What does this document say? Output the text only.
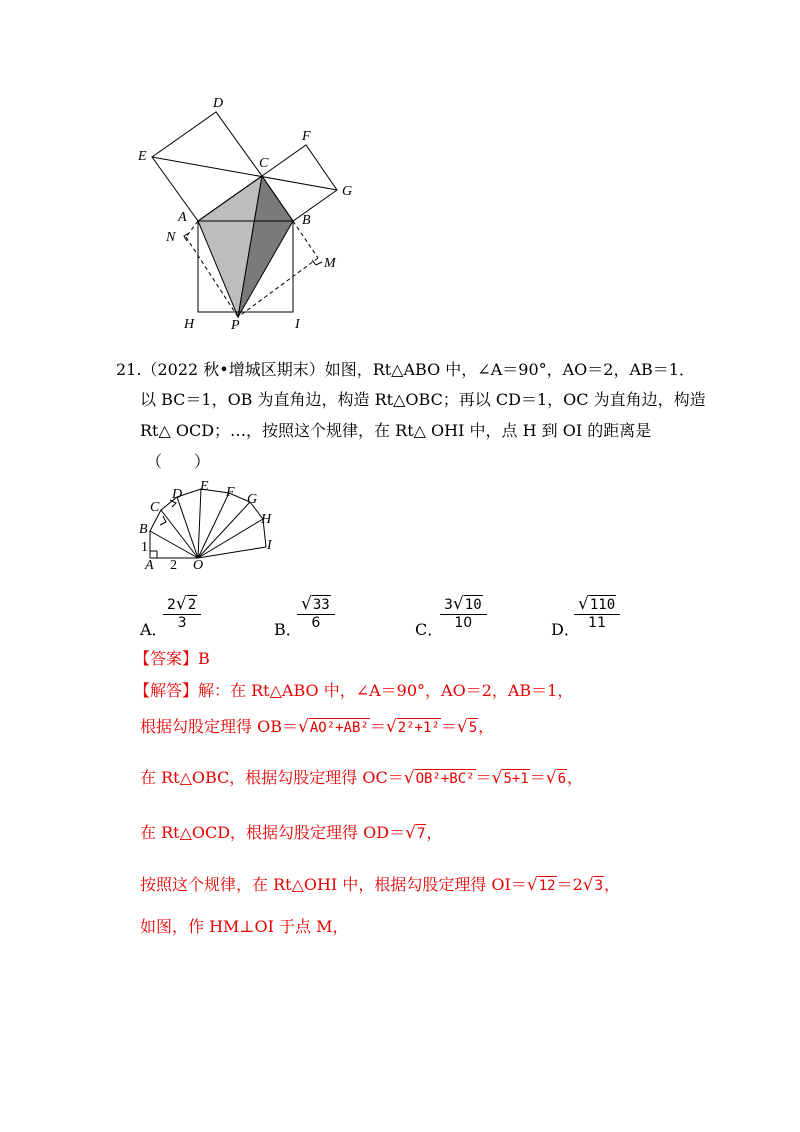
D
E	C
F
G
A	B
N
M
H	P	I
21.（2022 秋•增城区期末）如图，Rt△ABO 中，∠A＝90°，AO＝2，AB＝1．
以 BC＝1，OB 为直角边，构造 Rt△OBC；再以 CD＝1，OC 为直角边，构造
Rt△ OCD；…，按照这个规律，在 Rt△ OHI 中，点 H 到 OI 的距离是
（　　）
A 2 O
1
B
C
D
E F G
H
I
A．
$\frac{2√2}{3}$	B．
$\frac{√33}{6}$	C．
$\frac{3√10}{10}$	D．
$\frac{√110}{11}$
【答案】B
【解答】解：在 Rt△ABO 中，∠A＝90°，AO＝2，AB＝1，
根据勾股定理得 OB＝√AO²+AB²＝√2²+1²＝√5，
在 Rt△OBC，根据勾股定理得 OC＝√OB²+BC²＝√5+1＝√6，
在 Rt△OCD，根据勾股定理得 OD＝√7，
按照这个规律，在 Rt△OHI 中，根据勾股定理得 OI＝√12＝2√3，
如图，作 HM⊥OI 于点 M，
